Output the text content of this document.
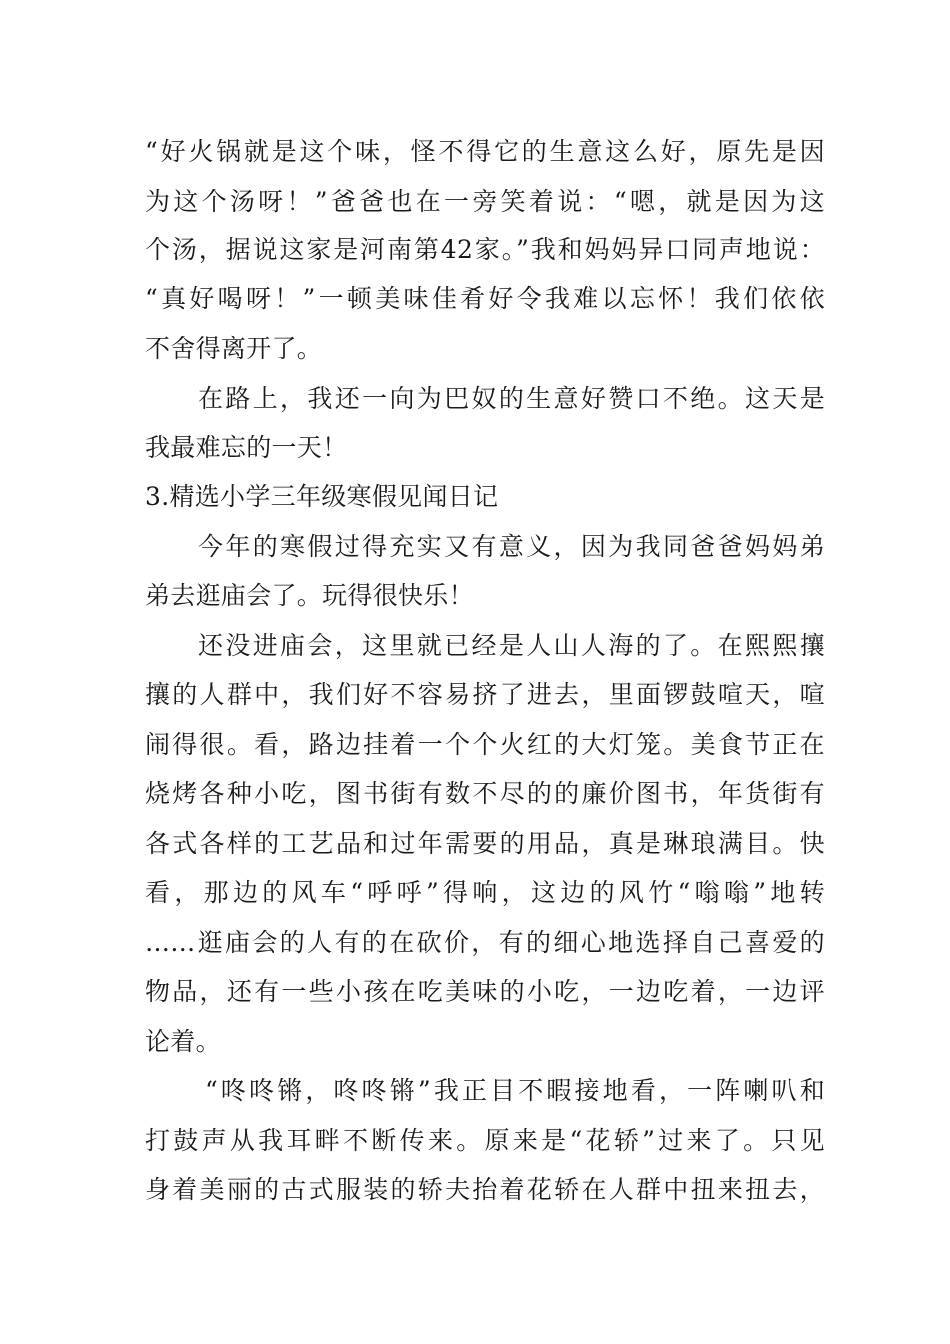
“好火锅就是这个味，怪不得它的生意这么好，原先是因
为这个汤呀！”爸爸也在一旁笑着说：“嗯，就是因为这
个汤，据说这家是河南第42家。”我和妈妈异口同声地说：
“真好喝呀！”一顿美味佳肴好令我难以忘怀！我们依依
不舍得离开了。
在路上，我还一向为巴奴的生意好赞口不绝。这天是
我最难忘的一天！
3.精选小学三年级寒假见闻日记
今年的寒假过得充实又有意义，因为我同爸爸妈妈弟
弟去逛庙会了。玩得很快乐！
还没进庙会，这里就已经是人山人海的了。在熙熙攘
攘的人群中，我们好不容易挤了进去，里面锣鼓喧天，喧
闹得很。看，路边挂着一个个火红的大灯笼。美食节正在
烧烤各种小吃，图书街有数不尽的的廉价图书，年货街有
各式各样的工艺品和过年需要的用品，真是琳琅满目。快
看，那边的风车“呼呼”得响，这边的风竹“嗡嗡”地转
……逛庙会的人有的在砍价，有的细心地选择自己喜爱的
物品，还有一些小孩在吃美味的小吃，一边吃着，一边评
论着。
“咚咚锵，咚咚锵”我正目不暇接地看，一阵喇叭和
打鼓声从我耳畔不断传来。原来是“花轿”过来了。只见
身着美丽的古式服装的轿夫抬着花轿在人群中扭来扭去，
